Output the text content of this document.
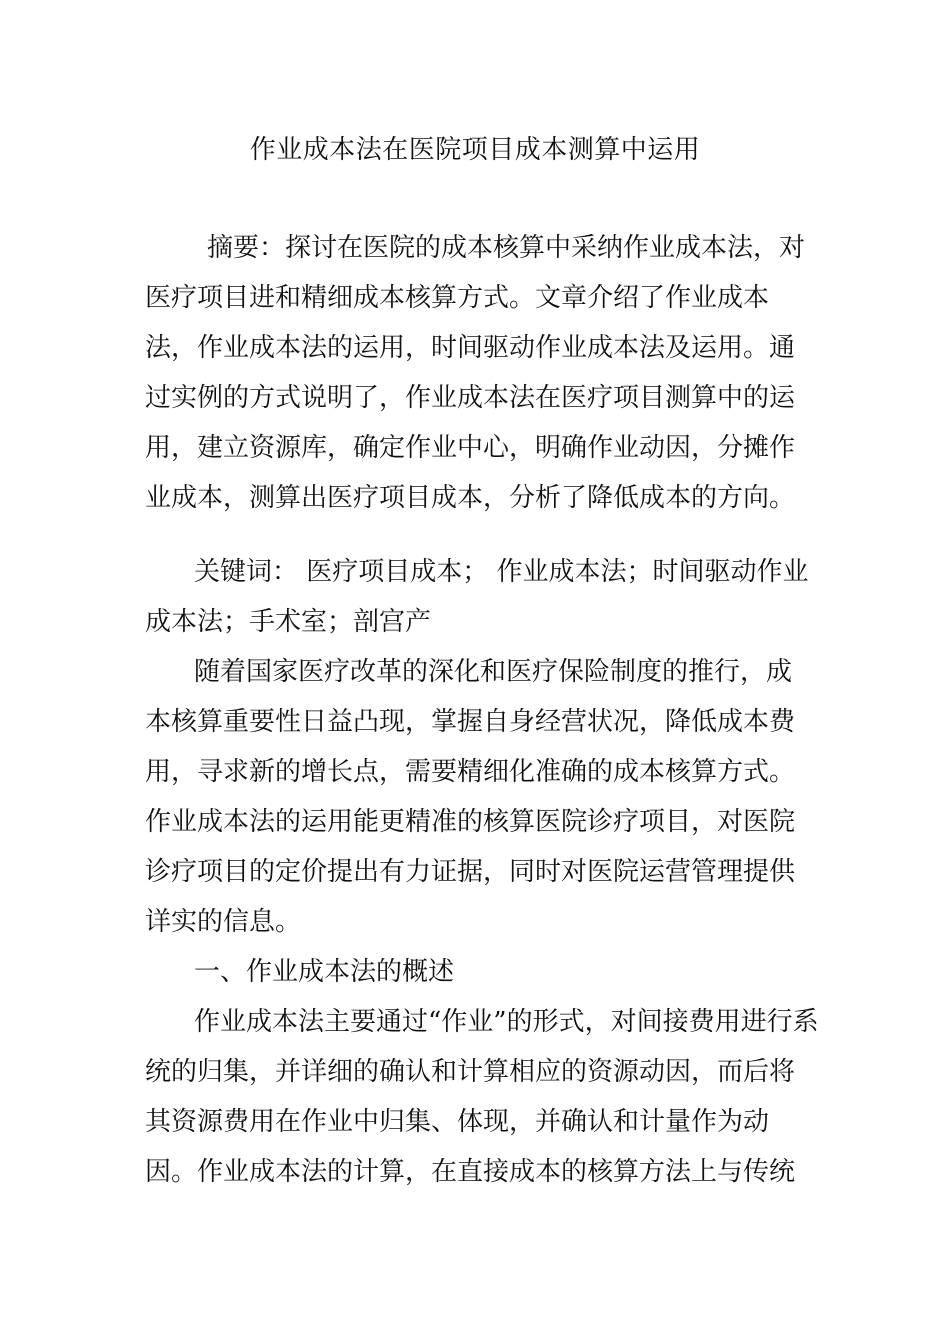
作业成本法在医院项目成本测算中运用
摘要：探讨在医院的成本核算中采纳作业成本法，对
医疗项目进和精细成本核算方式。文章介绍了作业成本
法，作业成本法的运用，时间驱动作业成本法及运用。通
过实例的方式说明了，作业成本法在医疗项目测算中的运
用，建立资源库，确定作业中心，明确作业动因，分摊作
业成本，测算出医疗项目成本，分析了降低成本的方向。
关键词： 医疗项目成本； 作业成本法；时间驱动作业
成本法；手术室；剖宫产
随着国家医疗改革的深化和医疗保险制度的推行，成
本核算重要性日益凸现，掌握自身经营状况，降低成本费
用，寻求新的增长点，需要精细化准确的成本核算方式。
作业成本法的运用能更精准的核算医院诊疗项目，对医院
诊疗项目的定价提出有力证据，同时对医院运营管理提供
详实的信息。
一、作业成本法的概述
作业成本法主要通过“作业”的形式，对间接费用进行系
统的归集，并详细的确认和计算相应的资源动因，而后将
其资源费用在作业中归集、体现，并确认和计量作为动
因。作业成本法的计算，在直接成本的核算方法上与传统
